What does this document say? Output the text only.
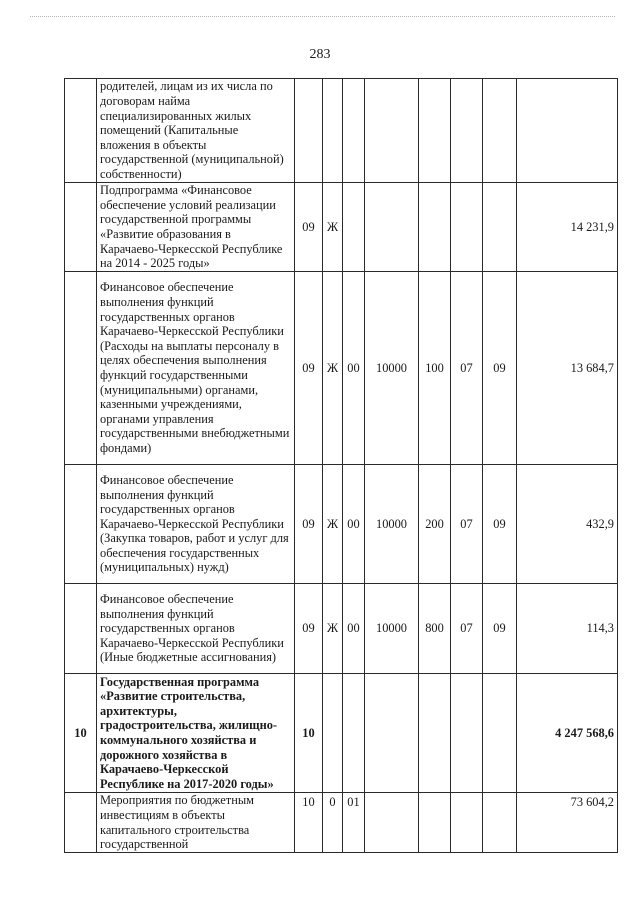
283
	родителей, лицам из их числа по договорам найма специализированных жилых помещений (Капитальные вложения в объекты государственной (муниципальной) собственности)								
	Подпрограмма «Финансовое обеспечение условий реализации государственной программы «Развитие образования в Карачаево-Черкесской Республике на 2014 - 2025 годы»	09	Ж						14 231,9
	Финансовое обеспечение выполнения функций государственных органов Карачаево-Черкесской Республики (Расходы на выплаты персоналу в целях обеспечения выполнения функций государственными (муниципальными) органами, казенными учреждениями, органами управления государственными внебюджетными фондами)	09	Ж	00	10000	100	07	09	13 684,7
	Финансовое обеспечение выполнения функций государственных органов Карачаево-Черкесской Республики (Закупка товаров, работ и услуг для обеспечения государственных (муниципальных) нужд)	09	Ж	00	10000	200	07	09	432,9
	Финансовое обеспечение выполнения функций государственных органов Карачаево-Черкесской Республики (Иные бюджетные ассигнования)	09	Ж	00	10000	800	07	09	114,3
10	Государственная программа «Развитие строительства, архитектуры, градостроительства, жилищно-коммунального хозяйства и дорожного хозяйства в Карачаево-Черкесской Республике на 2017-2020 годы»	10							4 247 568,6
	Мероприятия по бюджетным инвестициям в объекты капитального строительства государственной	10	0	01					73 604,2
